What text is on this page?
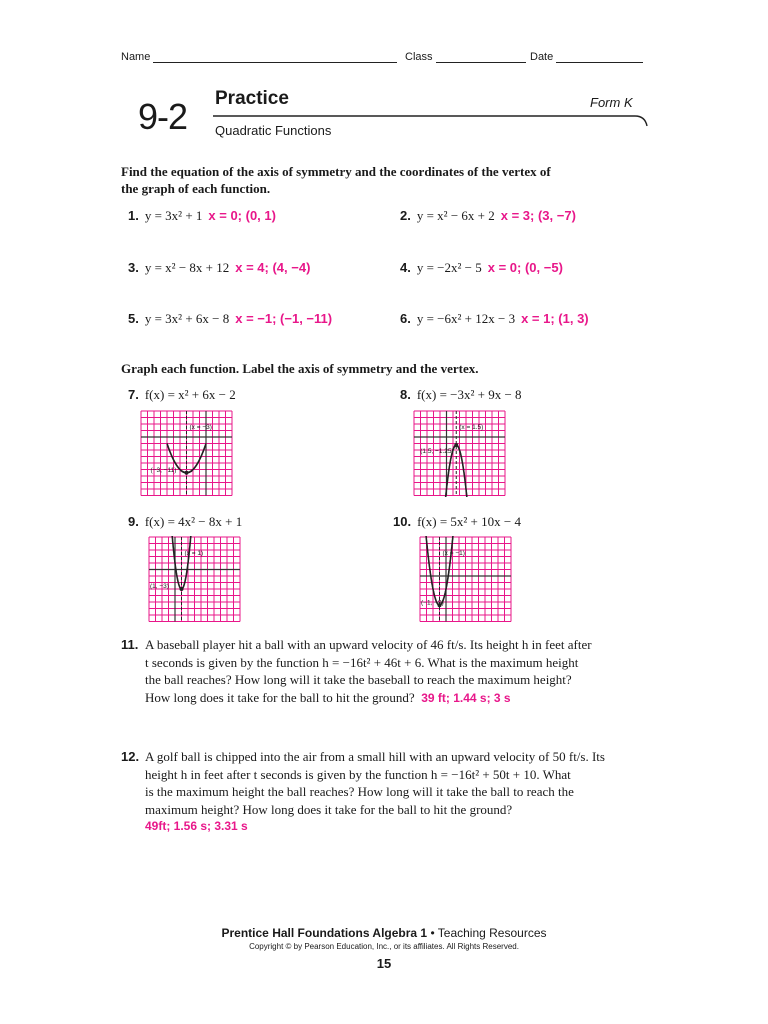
Name	Class	Date
9-2 Practice	Form K
Quadratic Functions
Find the equation of the axis of symmetry and the coordinates of the vertex of
the graph of each function.
1. y = 3x² + 1 x = 0; (0, 1)	2. y = x² − 6x + 2 x = 3; (3, −7)
3. y = x² − 8x + 12 x = 4; (4, −4)	4. y = −2x² − 5 x = 0; (0, −5)
5. y = 3x² + 6x − 8 x = −1; (−1, −11)	6. y = −6x² + 12x − 3 x = 1; (1, 3)
Graph each function. Label the axis of symmetry and the vertex.
7. f(x) = x² + 6x − 2	8. f(x) = −3x² + 9x − 8
9. f(x) = 4x² − 8x + 1	10. f(x) = 5x² + 10x − 4
(x = −3)
(−3, −11)
(x = 1.5)
(1.5, −1.25)
(x = 1)
(1, −3)
(x = −1)
(−1, −9)
11. A baseball player hit a ball with an upward velocity of 46 ft/s. Its height h in feet after
t seconds is given by the function h = −16t² + 46t + 6. What is the maximum height
the ball reaches? How long will it take the baseball to reach the maximum height?
How long does it take for the ball to hit the ground? 39 ft; 1.44 s; 3 s
12. A golf ball is chipped into the air from a small hill with an upward velocity of 50 ft/s. Its
height h in feet after t seconds is given by the function h = −16t² + 50t + 10. What
is the maximum height the ball reaches? How long will it take the ball to reach the
maximum height? How long does it take for the ball to hit the ground?
49ft; 1.56 s; 3.31 s
Prentice Hall Foundations Algebra 1 • Teaching Resources
Copyright © by Pearson Education, Inc., or its affiliates. All Rights Reserved.
15
